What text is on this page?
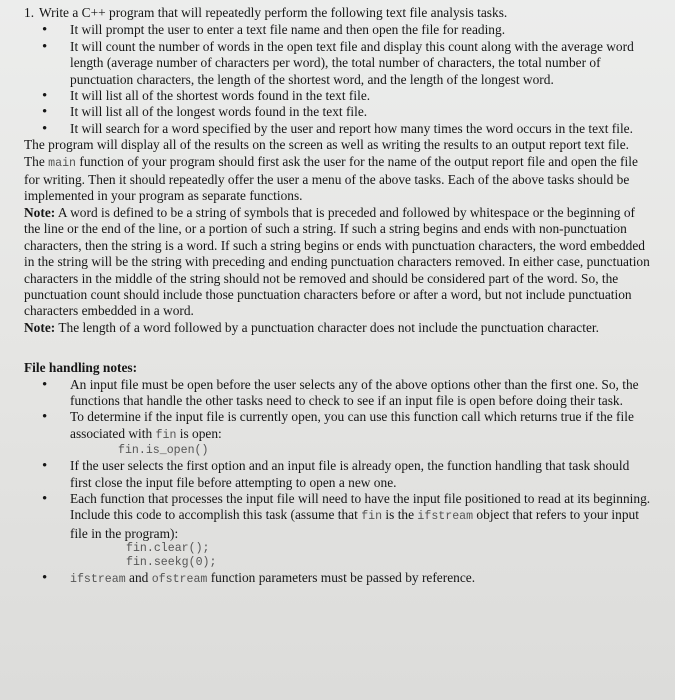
1. Write a C++ program that will repeatedly perform the following text file analysis tasks.
• It will prompt the user to enter a text file name and then open the file for reading.
• It will count the number of words in the open text file and display this count along with the average word length (average number of characters per word), the total number of characters, the total number of punctuation characters, the length of the shortest word, and the length of the longest word.
• It will list all of the shortest words found in the text file.
• It will list all of the longest words found in the text file.
• It will search for a word specified by the user and report how many times the word occurs in the text file.

The program will display all of the results on the screen as well as writing the results to an output report text file. The main function of your program should first ask the user for the name of the output report file and open the file for writing. Then it should repeatedly offer the user a menu of the above tasks. Each of the above tasks should be implemented in your program as separate functions.

Note: A word is defined to be a string of symbols that is preceded and followed by whitespace or the beginning of the line or the end of the line, or a portion of such a string. If such a string begins and ends with non-punctuation characters, then the string is a word. If such a string begins or ends with punctuation characters, the word embedded in the string will be the string with preceding and ending punctuation characters removed. In either case, punctuation characters in the middle of the string should not be removed and should be considered part of the word. So, the punctuation count should include those punctuation characters before or after a word, but not include punctuation characters embedded in a word.

Note: The length of a word followed by a punctuation character does not include the punctuation character.

File handling notes:

• An input file must be open before the user selects any of the above options other than the first one. So, the functions that handle the other tasks need to check to see if an input file is open before doing their task.
• To determine if the input file is currently open, you can use this function call which returns true if the file associated with fin is open:
fin.is_open()
• If the user selects the first option and an input file is already open, the function handling that task should first close the input file before attempting to open a new one.
• Each function that processes the input file will need to have the input file positioned to read at its beginning. Include this code to accomplish this task (assume that fin is the ifstream object that refers to your input file in the program):
fin.clear();
fin.seekg(0);
• ifstream and ofstream function parameters must be passed by reference.
